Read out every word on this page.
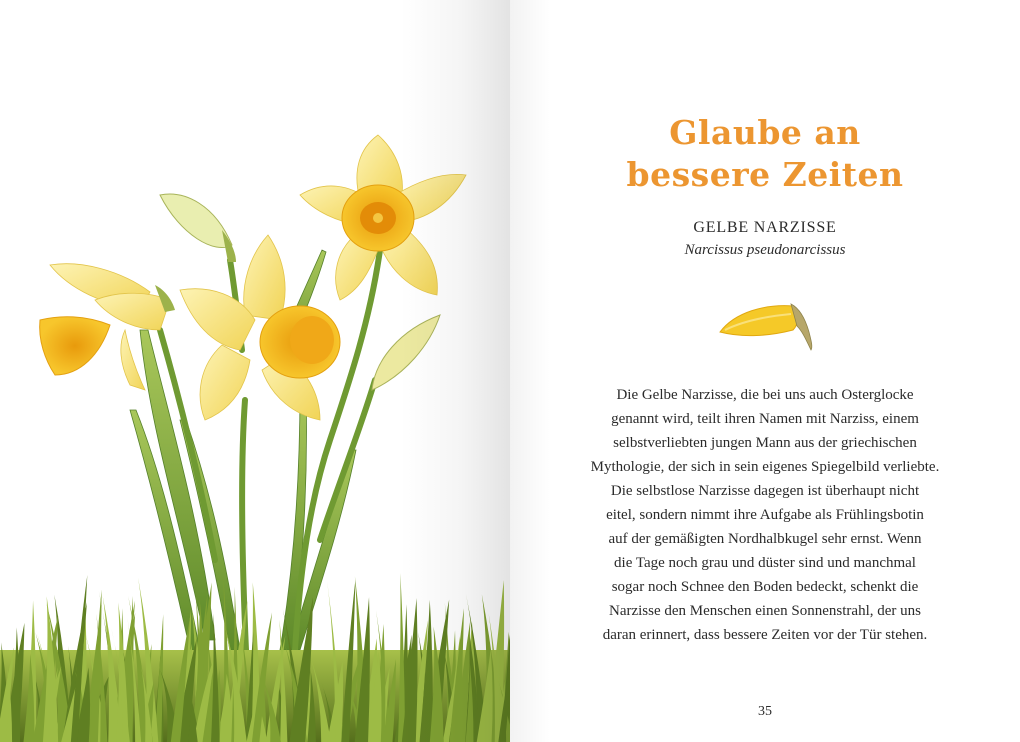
Glaube an
bessere Zeiten
GELBE NARZISSE
Narcissus pseudonarcissus
Die Gelbe Narzisse, die bei uns auch Osterglocke
genannt wird, teilt ihren Namen mit Narziss, einem
selbstverliebten jungen Mann aus der griechischen
Mythologie, der sich in sein eigenes Spiegelbild verliebte.
Die selbstlose Narzisse dagegen ist überhaupt nicht
eitel, sondern nimmt ihre Aufgabe als Frühlingsbotin
auf der gemäßigten Nordhalbkugel sehr ernst. Wenn
die Tage noch grau und düster sind und manchmal
sogar noch Schnee den Boden bedeckt, schenkt die
Narzisse den Menschen einen Sonnenstrahl, der uns
daran erinnert, dass bessere Zeiten vor der Tür stehen.
35
